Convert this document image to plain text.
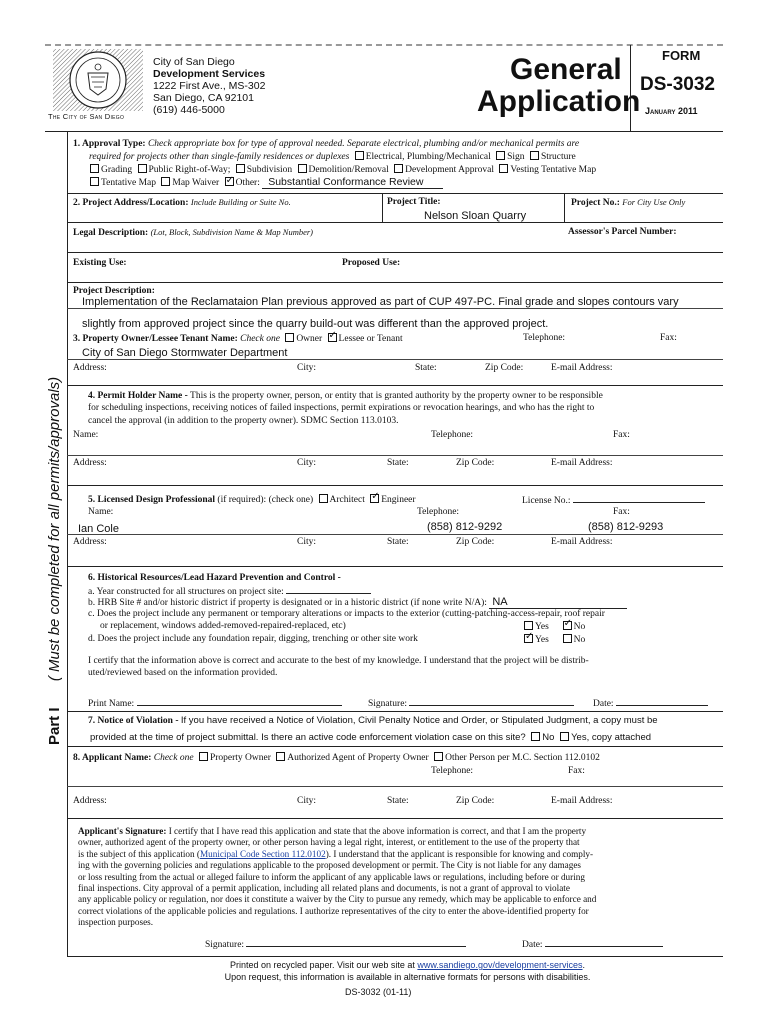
The City of San Diego
City of San Diego
Development Services
1222 First Ave., MS-302
San Diego, CA 92101
(619) 446-5000
General
Application
FORM
DS-3032
January 2011
Part I  ( Must be completed for all permits/approvals)
1. Approval Type: Check appropriate box for type of approval needed. Separate electrical, plumbing and/or mechanical permits are
required for projects other than single-family residences or duplexes Electrical, Plumbing/Mechanical Sign Structure
Grading Public Right-of-Way; Subdivision Demolition/Removal Development Approval Vesting Tentative Map
Tentative Map Map Waiver ✓ Other: Substantial Conformance Review
2. Project Address/Location: Include Building or Suite No.	Project Title:
Nelson Sloan Quarry
Project No.: For City Use Only
Legal Description: (Lot, Block, Subdivision Name & Map Number)	Assessor's Parcel Number:
Existing Use:	Proposed Use:
Project Description:
Implementation of the Reclamataion Plan previous approved as part of CUP 497-PC. Final grade and slopes contours vary
slightly from approved project since the quarry build-out was different than the approved project.
3. Property Owner/Lessee Tenant Name: Check one Owner ✓ Lessee or Tenant	Telephone:	Fax:
City of San Diego Stormwater Department
Address:	City:	State:	Zip Code:	E-mail Address:
4. Permit Holder Name - This is the property owner, person, or entity that is granted authority by the property owner to be responsible
for scheduling inspections, receiving notices of failed inspections, permit expirations or revocation hearings, and who has the right to
cancel the approval (in addition to the property owner). SDMC Section 113.0103.
Name:	Telephone:	Fax:
Address:	City:	State:	Zip Code:	E-mail Address:
5. Licensed Design Professional (if required): (check one) Architect ✓ Engineer	License No.:
Name:	Telephone:	Fax:
Ian Cole	(858) 812-9292	(858) 812-9293
Address:	City:	State:	Zip Code:	E-mail Address:
6. Historical Resources/Lead Hazard Prevention and Control -
a. Year constructed for all structures on project site:
b. HRB Site # and/or historic district if property is designated or in a historic district (if none write N/A): NA
c. Does the project include any permanent or temporary alterations or impacts to the exterior (cutting-patching-access-repair, roof repair
or replacement, windows added-removed-repaired-replaced, etc)	Yes ✓	No
d. Does the project include any foundation repair, digging, trenching or other site work ✓	Yes	No
I certify that the information above is correct and accurate to the best of my knowledge. I understand that the project will be distrib-
uted/reviewed based on the information provided.
Print Name:	Signature:	Date:
7. Notice of Violation - If you have received a Notice of Violation, Civil Penalty Notice and Order, or Stipulated Judgment, a copy must be
provided at the time of project submittal. Is there an active code enforcement violation case on this site? No Yes, copy attached
8. Applicant Name: Check one Property Owner Authorized Agent of Property Owner Other Person per M.C. Section 112.0102
Telephone:	Fax:
Address:	City:	State:	Zip Code:	E-mail Address:
Applicant's Signature: I certify that I have read this application and state that the above information is correct, and that I am the property
owner, authorized agent of the property owner, or other person having a legal right, interest, or entitlement to the use of the property that
is the subject of this application (Municipal Code Section 112.0102). I understand that the applicant is responsible for knowing and comply-
ing with the governing policies and regulations applicable to the proposed development or permit. The City is not liable for any damages
or loss resulting from the actual or alleged failure to inform the applicant of any applicable laws or regulations, including before or during
final inspections. City approval of a permit application, including all related plans and documents, is not a grant of approval to violate
any applicable policy or regulation, nor does it constitute a waiver by the City to pursue any remedy, which may be applicable to enforce and
correct violations of the applicable policies and regulations. I authorize representatives of the city to enter the above-identified property for
inspection purposes.
Signature:	Date:
Printed on recycled paper. Visit our web site at www.sandiego.gov/development-services.
Upon request, this information is available in alternative formats for persons with disabilities.
DS-3032 (01-11)
